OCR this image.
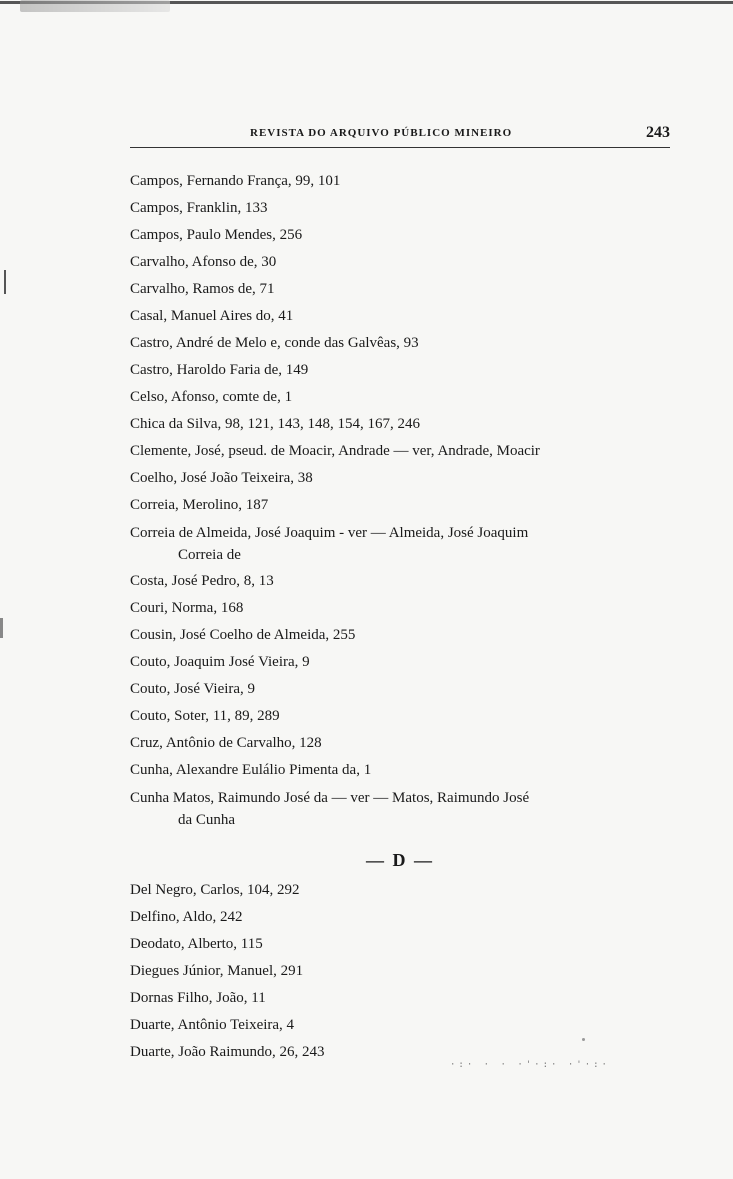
REVISTA DO ARQUIVO PÚBLICO MINEIRO	243
Campos, Fernando França, 99, 101
Campos, Franklin, 133
Campos, Paulo Mendes, 256
Carvalho, Afonso de, 30
Carvalho, Ramos de, 71
Casal, Manuel Aires do, 41
Castro, André de Melo e, conde das Galvêas, 93
Castro, Haroldo Faria de, 149
Celso, Afonso, comte de, 1
Chica da Silva, 98, 121, 143, 148, 154, 167, 246
Clemente, José, pseud. de Moacir, Andrade — ver, Andrade, Moacir
Coelho, José João Teixeira, 38
Correia, Merolino, 187
Correia de Almeida, José Joaquim - ver — Almeida, José Joaquim
Correia de
Costa, José Pedro, 8, 13
Couri, Norma, 168
Cousin, José Coelho de Almeida, 255
Couto, Joaquim José Vieira, 9
Couto, José Vieira, 9
Couto, Soter, 11, 89, 289
Cruz, Antônio de Carvalho, 128
Cunha, Alexandre Eulálio Pimenta da, 1
Cunha Matos, Raimundo José da — ver — Matos, Raimundo José
da Cunha
— D —
Del Negro, Carlos, 104, 292
Delfino, Aldo, 242
Deodato, Alberto, 115
Diegues Júnior, Manuel, 291
Dornas Filho, João, 11
Duarte, Antônio Teixeira, 4
Duarte, João Raimundo, 26, 243
·:· · · ·'·:· ·'·:·
